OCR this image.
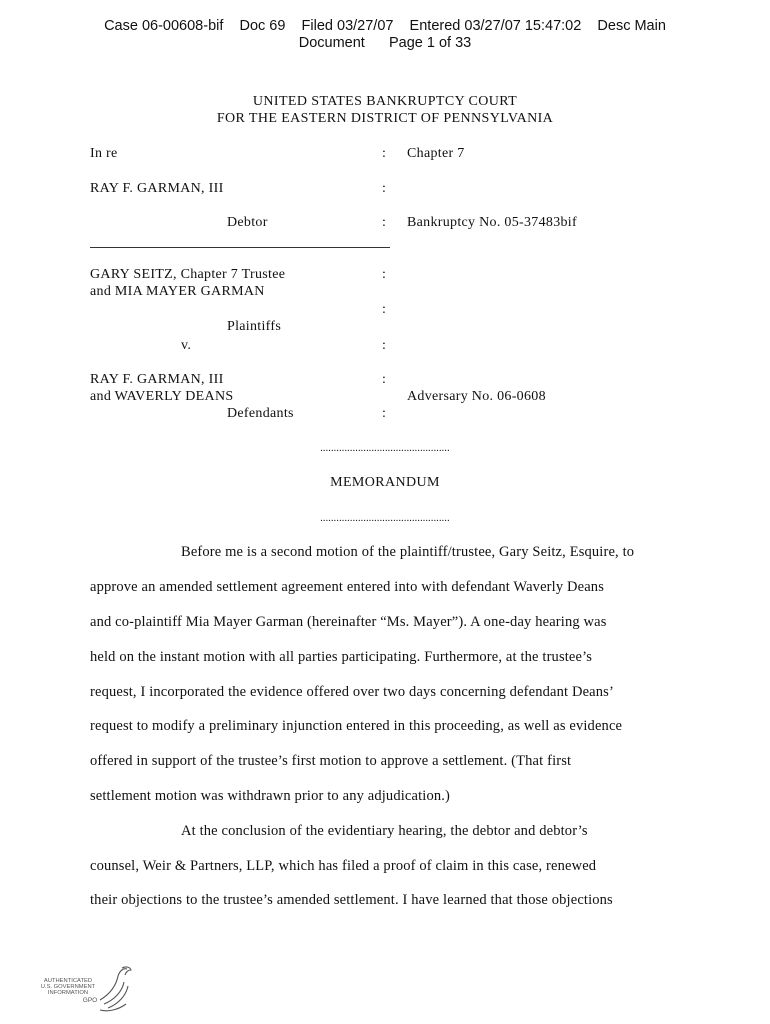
Case 06-00608-bif    Doc 69    Filed 03/27/07    Entered 03/27/07 15:47:02    Desc Main
Document      Page 1 of 33
UNITED STATES BANKRUPTCY COURT
FOR THE EASTERN DISTRICT OF PENNSYLVANIA
In re	: Chapter 7
RAY F. GARMAN, III	:
Debtor	: Bankruptcy No. 05-37483bif
GARY SEITZ, Chapter 7 Trustee	:
and MIA MAYER GARMAN
:
Plaintiffs
v.	:
RAY F. GARMAN, III	:
and WAVERLY DEANS	Adversary No. 06-0608
Defendants	:
................................................
MEMORANDUM
................................................
Before me is a second motion of the plaintiff/trustee, Gary Seitz, Esquire, to
approve an amended settlement agreement entered into with defendant Waverly Deans
and co-plaintiff Mia Mayer Garman (hereinafter “Ms. Mayer”). A one-day hearing was
held on the instant motion with all parties participating. Furthermore, at the trustee’s
request, I incorporated the evidence offered over two days concerning defendant Deans’
request to modify a preliminary injunction entered in this proceeding, as well as evidence
offered in support of the trustee’s first motion to approve a settlement. (That first
settlement motion was withdrawn prior to any adjudication.)
At the conclusion of the evidentiary hearing, the debtor and debtor’s
counsel, Weir & Partners, LLP, which has filed a proof of claim in this case, renewed
their objections to the trustee’s amended settlement. I have learned that those objections
AUTHENTICATED
U.S. GOVERNMENT
INFORMATION
GPO
